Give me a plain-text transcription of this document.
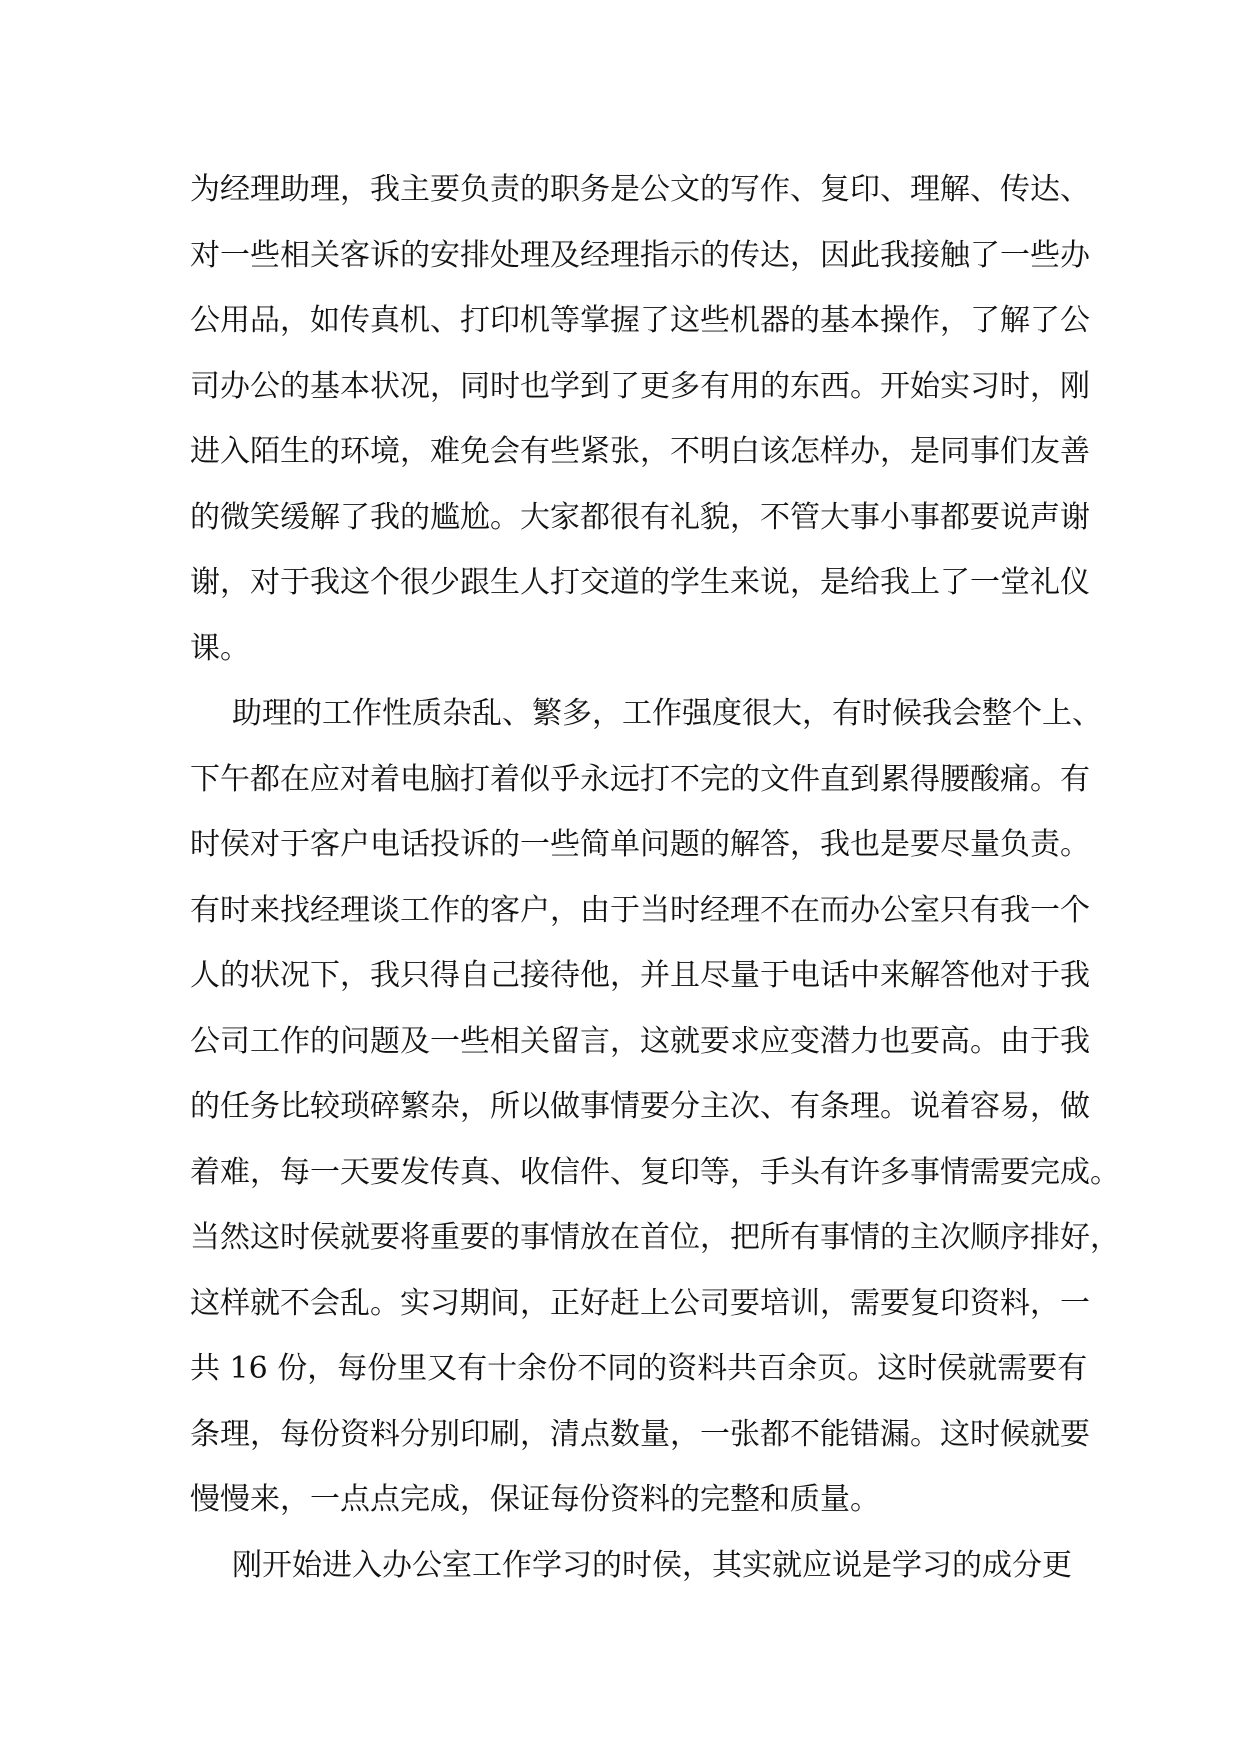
为经理助理，我主要负责的职务是公文的写作、复印、理解、传达、
对一些相关客诉的安排处理及经理指示的传达，因此我接触了一些办
公用品，如传真机、打印机等掌握了这些机器的基本操作，了解了公
司办公的基本状况，同时也学到了更多有用的东西。开始实习时，刚
进入陌生的环境，难免会有些紧张，不明白该怎样办，是同事们友善
的微笑缓解了我的尴尬。大家都很有礼貌，不管大事小事都要说声谢
谢，对于我这个很少跟生人打交道的学生来说，是给我上了一堂礼仪
课。
助理的工作性质杂乱、繁多，工作强度很大，有时候我会整个上、
下午都在应对着电脑打着似乎永远打不完的文件直到累得腰酸痛。有
时侯对于客户电话投诉的一些简单问题的解答，我也是要尽量负责。
有时来找经理谈工作的客户，由于当时经理不在而办公室只有我一个
人的状况下，我只得自己接待他，并且尽量于电话中来解答他对于我
公司工作的问题及一些相关留言，这就要求应变潜力也要高。由于我
的任务比较琐碎繁杂，所以做事情要分主次、有条理。说着容易，做
着难，每一天要发传真、收信件、复印等，手头有许多事情需要完成。
当然这时侯就要将重要的事情放在首位，把所有事情的主次顺序排好，
这样就不会乱。实习期间，正好赶上公司要培训，需要复印资料，一
共 16 份，每份里又有十余份不同的资料共百余页。这时侯就需要有
条理，每份资料分别印刷，清点数量，一张都不能错漏。这时候就要
慢慢来，一点点完成，保证每份资料的完整和质量。
刚开始进入办公室工作学习的时侯，其实就应说是学习的成分更
